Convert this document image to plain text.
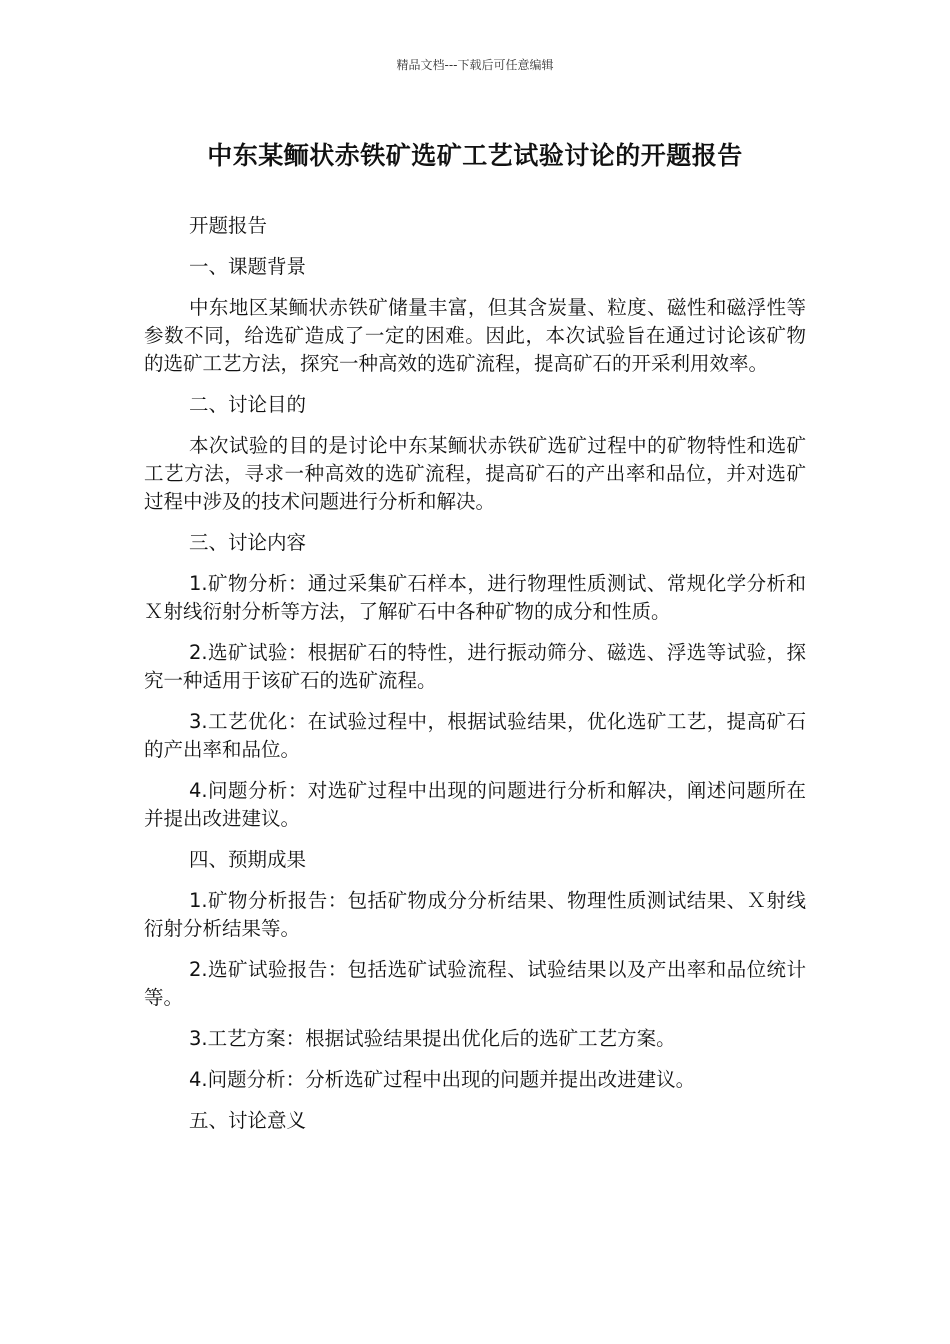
精品文档---下载后可任意编辑
中东某鲕状赤铁矿选矿工艺试验讨论的开题报告

开题报告

一、课题背景

中东地区某鲕状赤铁矿储量丰富，但其含炭量、粒度、磁性和磁浮性等参数不同，给选矿造成了一定的困难。因此，本次试验旨在通过讨论该矿物的选矿工艺方法，探究一种高效的选矿流程，提高矿石的开采利用效率。

二、讨论目的

本次试验的目的是讨论中东某鲕状赤铁矿选矿过程中的矿物特性和选矿工艺方法，寻求一种高效的选矿流程，提高矿石的产出率和品位，并对选矿过程中涉及的技术问题进行分析和解决。

三、讨论内容

1.矿物分析：通过采集矿石样本，进行物理性质测试、常规化学分析和Ｘ射线衍射分析等方法，了解矿石中各种矿物的成分和性质。

2.选矿试验：根据矿石的特性，进行振动筛分、磁选、浮选等试验，探究一种适用于该矿石的选矿流程。

3.工艺优化：在试验过程中，根据试验结果，优化选矿工艺，提高矿石的产出率和品位。

4.问题分析：对选矿过程中出现的问题进行分析和解决，阐述问题所在并提出改进建议。

四、预期成果

1.矿物分析报告：包括矿物成分分析结果、物理性质测试结果、Ｘ射线衍射分析结果等。

2.选矿试验报告：包括选矿试验流程、试验结果以及产出率和品位统计等。

3.工艺方案：根据试验结果提出优化后的选矿工艺方案。

4.问题分析：分析选矿过程中出现的问题并提出改进建议。

五、讨论意义
